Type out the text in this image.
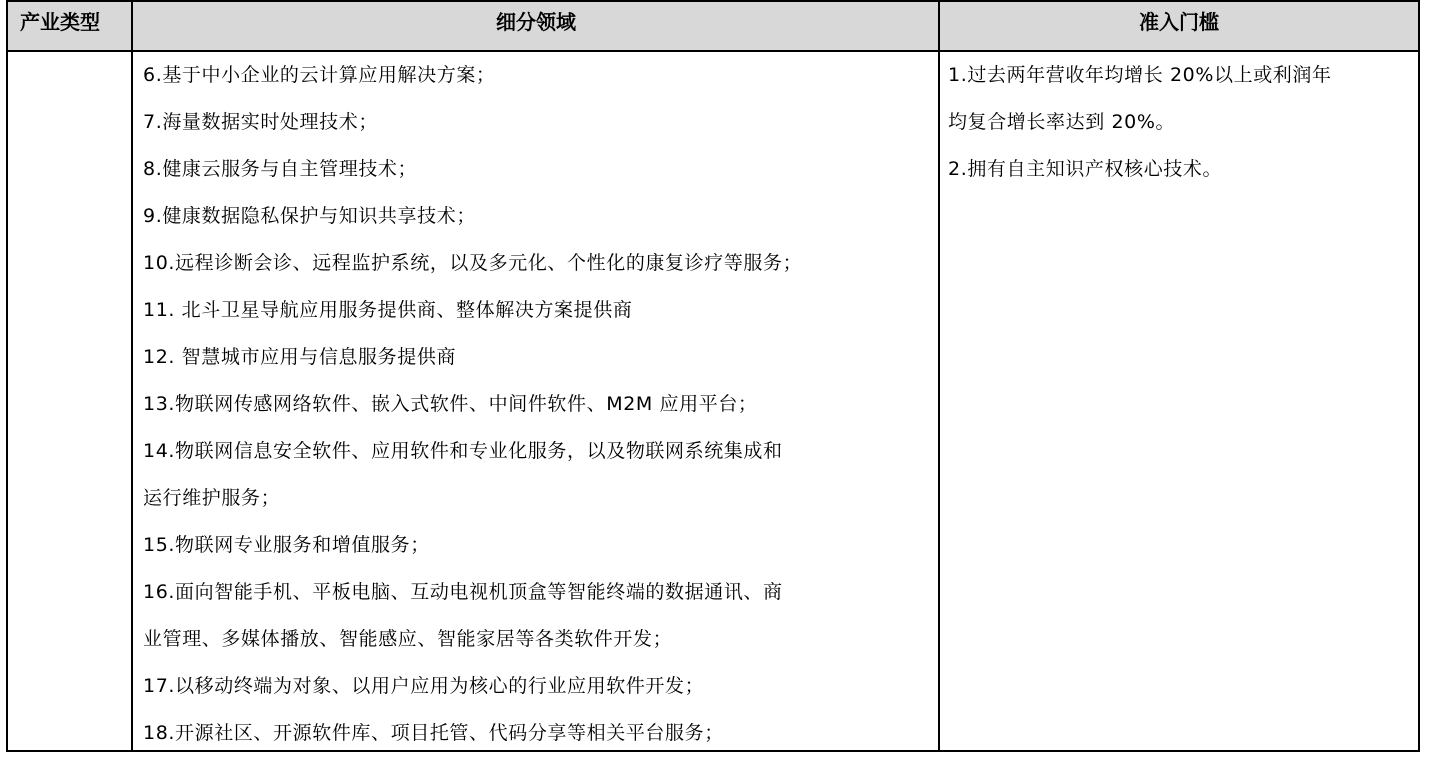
产业类型	细分领域	准入门槛
6.基于中小企业的云计算应用解决方案；
7.海量数据实时处理技术；
8.健康云服务与自主管理技术；
9.健康数据隐私保护与知识共享技术；
10.远程诊断会诊、远程监护系统，以及多元化、个性化的康复诊疗等服务；
11. 北斗卫星导航应用服务提供商、整体解决方案提供商
12. 智慧城市应用与信息服务提供商
13.物联网传感网络软件、嵌入式软件、中间件软件、M2M 应用平台；
14.物联网信息安全软件、应用软件和专业化服务，以及物联网系统集成和
运行维护服务；
15.物联网专业服务和增值服务；
16.面向智能手机、平板电脑、互动电视机顶盒等智能终端的数据通讯、商
业管理、多媒体播放、智能感应、智能家居等各类软件开发；
17.以移动终端为对象、以用户应用为核心的行业应用软件开发；
18.开源社区、开源软件库、项目托管、代码分享等相关平台服务；
1.过去两年营收年均增长 20%以上或利润年
均复合增长率达到 20%。
2.拥有自主知识产权核心技术。
